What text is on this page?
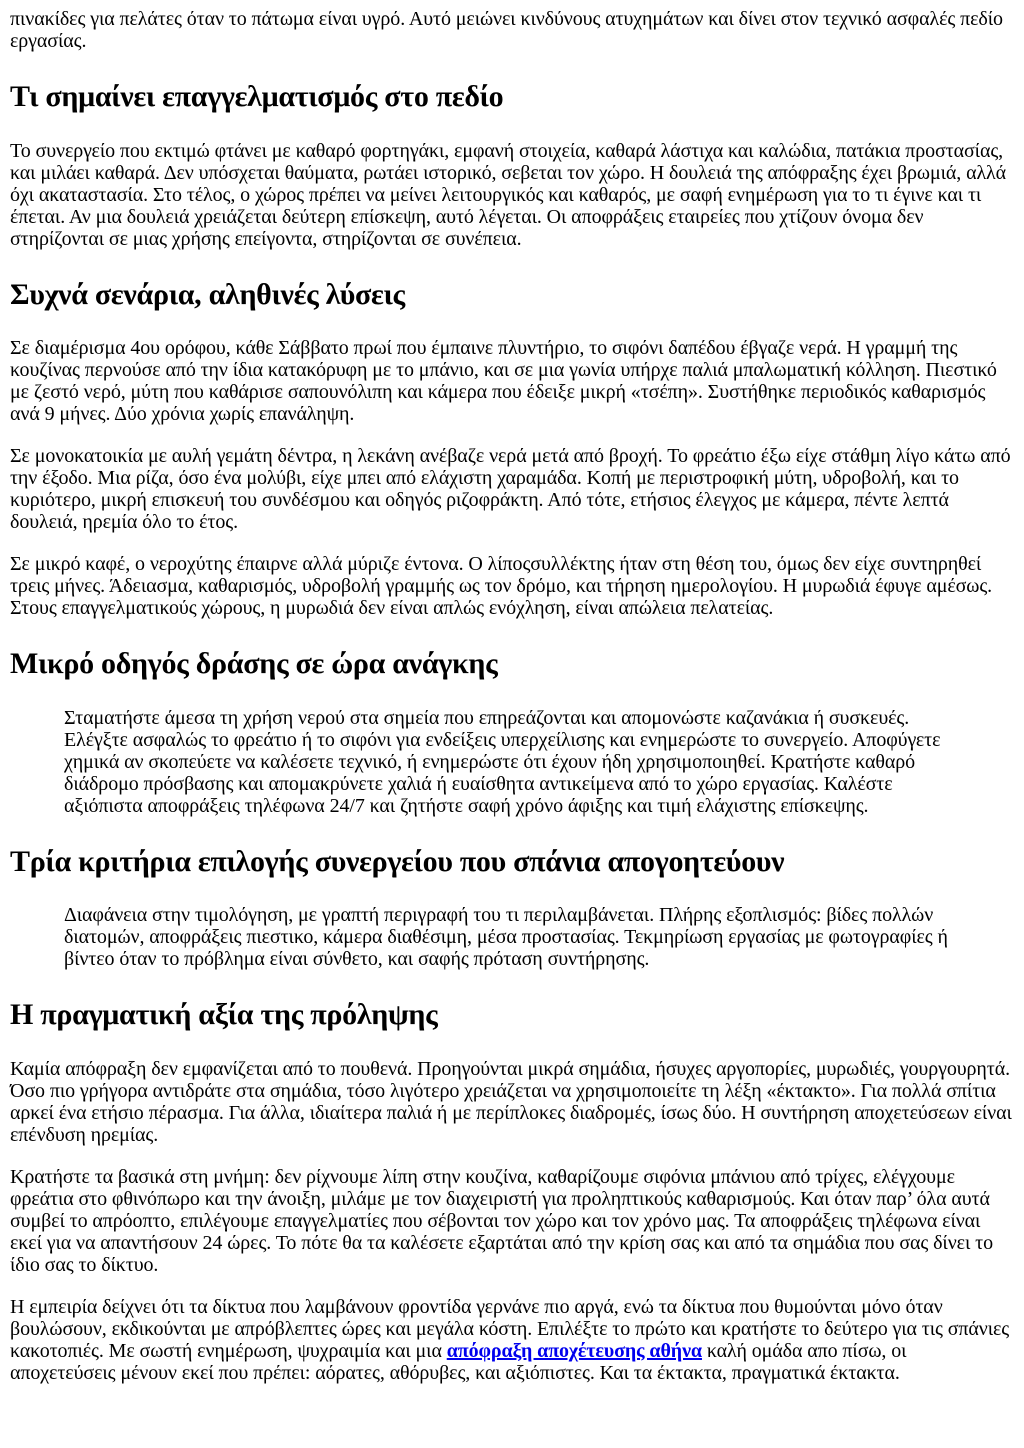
πινακίδες για πελάτες όταν το πάτωμα είναι υγρό. Αυτό μειώνει κινδύνους ατυχημάτων και δίνει στον τεχνικό ασφαλές πεδίο εργασίας.

Τι σημαίνει επαγγελματισμός στο πεδίο

Το συνεργείο που εκτιμώ φτάνει με καθαρό φορτηγάκι, εμφανή στοιχεία, καθαρά λάστιχα και καλώδια, πατάκια προστασίας, και μιλάει καθαρά. Δεν υπόσχεται θαύματα, ρωτάει ιστορικό, σεβεται τον χώρο. Η δουλειά της απόφραξης έχει βρωμιά, αλλά όχι ακαταστασία. Στο τέλος, ο χώρος πρέπει να μείνει λειτουργικός και καθαρός, με σαφή ενημέρωση για το τι έγινε και τι έπεται. Αν μια δουλειά χρειάζεται δεύτερη επίσκεψη, αυτό λέγεται. Οι αποφράξεις εταιρείες που χτίζουν όνομα δεν στηρίζονται σε μιας χρήσης επείγοντα, στηρίζονται σε συνέπεια.

Συχνά σενάρια, αληθινές λύσεις

Σε διαμέρισμα 4ου ορόφου, κάθε Σάββατο πρωί που έμπαινε πλυντήριο, το σιφόνι δαπέδου έβγαζε νερά. Η γραμμή της κουζίνας περνούσε από την ίδια κατακόρυφη με το μπάνιο, και σε μια γωνία υπήρχε παλιά μπαλωματική κόλληση. Πιεστικό με ζεστό νερό, μύτη που καθάρισε σαπουνόλιπη και κάμερα που έδειξε μικρή «τσέπη». Συστήθηκε περιοδικός καθαρισμός ανά 9 μήνες. Δύο χρόνια χωρίς επανάληψη.

Σε μονοκατοικία με αυλή γεμάτη δέντρα, η λεκάνη ανέβαζε νερά μετά από βροχή. Το φρεάτιο έξω είχε στάθμη λίγο κάτω από την έξοδο. Μια ρίζα, όσο ένα μολύβι, είχε μπει από ελάχιστη χαραμάδα. Κοπή με περιστροφική μύτη, υδροβολή, και το κυριότερο, μικρή επισκευή του συνδέσμου και οδηγός ριζοφράκτη. Από τότε, ετήσιος έλεγχος με κάμερα, πέντε λεπτά δουλειά, ηρεμία όλο το έτος.

Σε μικρό καφέ, ο νεροχύτης έπαιρνε αλλά μύριζε έντονα. Ο λίποςσυλλέκτης ήταν στη θέση του, όμως δεν είχε συντηρηθεί τρεις μήνες. Άδειασμα, καθαρισμός, υδροβολή γραμμής ως τον δρόμο, και τήρηση ημερολογίου. Η μυρωδιά έφυγε αμέσως. Στους επαγγελματικούς χώρους, η μυρωδιά δεν είναι απλώς ενόχληση, είναι απώλεια πελατείας.

Μικρό οδηγός δράσης σε ώρα ανάγκης

Σταματήστε άμεσα τη χρήση νερού στα σημεία που επηρεάζονται και απομονώστε καζανάκια ή συσκευές. Ελέγξτε ασφαλώς το φρεάτιο ή το σιφόνι για ενδείξεις υπερχείλισης και ενημερώστε το συνεργείο. Αποφύγετε χημικά αν σκοπεύετε να καλέσετε τεχνικό, ή ενημερώστε ότι έχουν ήδη χρησιμοποιηθεί. Κρατήστε καθαρό διάδρομο πρόσβασης και απομακρύνετε χαλιά ή ευαίσθητα αντικείμενα από το χώρο εργασίας. Καλέστε αξιόπιστα αποφράξεις τηλέφωνα 24/7 και ζητήστε σαφή χρόνο άφιξης και τιμή ελάχιστης επίσκεψης.

Τρία κριτήρια επιλογής συνεργείου που σπάνια απογοητεύουν

Διαφάνεια στην τιμολόγηση, με γραπτή περιγραφή του τι περιλαμβάνεται. Πλήρης εξοπλισμός: βίδες πολλών διατομών, αποφράξεις πιεστικο, κάμερα διαθέσιμη, μέσα προστασίας. Τεκμηρίωση εργασίας με φωτογραφίες ή βίντεο όταν το πρόβλημα είναι σύνθετο, και σαφής πρόταση συντήρησης.

Η πραγματική αξία της πρόληψης

Καμία απόφραξη δεν εμφανίζεται από το πουθενά. Προηγούνται μικρά σημάδια, ήσυχες αργοπορίες, μυρωδιές, γουργουρητά. Όσο πιο γρήγορα αντιδράτε στα σημάδια, τόσο λιγότερο χρειάζεται να χρησιμοποιείτε τη λέξη «έκτακτο». Για πολλά σπίτια αρκεί ένα ετήσιο πέρασμα. Για άλλα, ιδιαίτερα παλιά ή με περίπλοκες διαδρομές, ίσως δύο. Η συντήρηση αποχετεύσεων είναι επένδυση ηρεμίας.

Κρατήστε τα βασικά στη μνήμη: δεν ρίχνουμε λίπη στην κουζίνα, καθαρίζουμε σιφόνια μπάνιου από τρίχες, ελέγχουμε φρεάτια στο φθινόπωρο και την άνοιξη, μιλάμε με τον διαχειριστή για προληπτικούς καθαρισμούς. Και όταν παρ’ όλα αυτά συμβεί το απρόοπτο, επιλέγουμε επαγγελματίες που σέβονται τον χώρο και τον χρόνο μας. Τα αποφράξεις τηλέφωνα είναι εκεί για να απαντήσουν 24 ώρες. Το πότε θα τα καλέσετε εξαρτάται από την κρίση σας και από τα σημάδια που σας δίνει το ίδιο σας το δίκτυο.

Η εμπειρία δείχνει ότι τα δίκτυα που λαμβάνουν φροντίδα γερνάνε πιο αργά, ενώ τα δίκτυα που θυμούνται μόνο όταν βουλώσουν, εκδικούνται με απρόβλεπτες ώρες και μεγάλα κόστη. Επιλέξτε το πρώτο και κρατήστε το δεύτερο για τις σπάνιες κακοτοπιές. Με σωστή ενημέρωση, ψυχραιμία και μια απόφραξη αποχέτευσης αθήνα καλή ομάδα απο πίσω, οι αποχετεύσεις μένουν εκεί που πρέπει: αόρατες, αθόρυβες, και αξιόπιστες. Και τα έκτακτα, πραγματικά έκτακτα.
